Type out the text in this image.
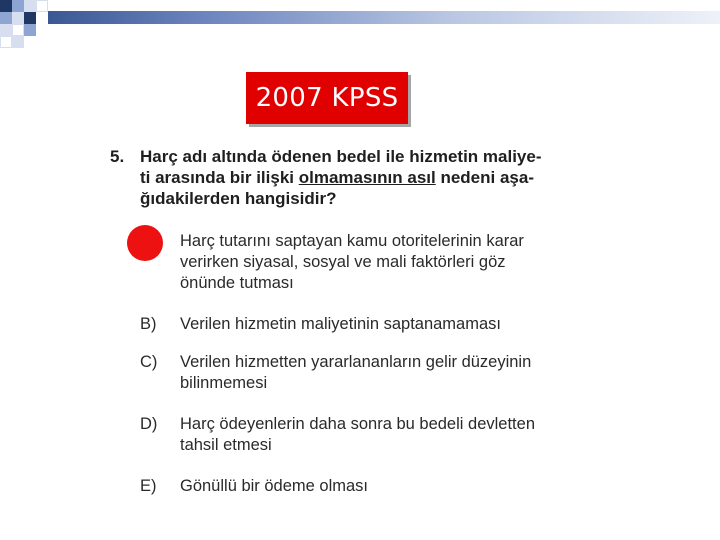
2007 KPSS
5. Harç adı altında ödenen bedel ile hizmetin maliye-
ti arasında bir ilişki olmamasının asıl nedeni aşa-
ğıdakilerden hangisidir?
Harç tutarını saptayan kamu otoritelerinin karar
verirken siyasal, sosyal ve mali faktörleri göz
önünde tutması
B) Verilen hizmetin maliyetinin saptanamaması
C) Verilen hizmetten yararlananların gelir düzeyinin
bilinmemesi
D) Harç ödeyenlerin daha sonra bu bedeli devletten
tahsil etmesi
E) Gönüllü bir ödeme olması
